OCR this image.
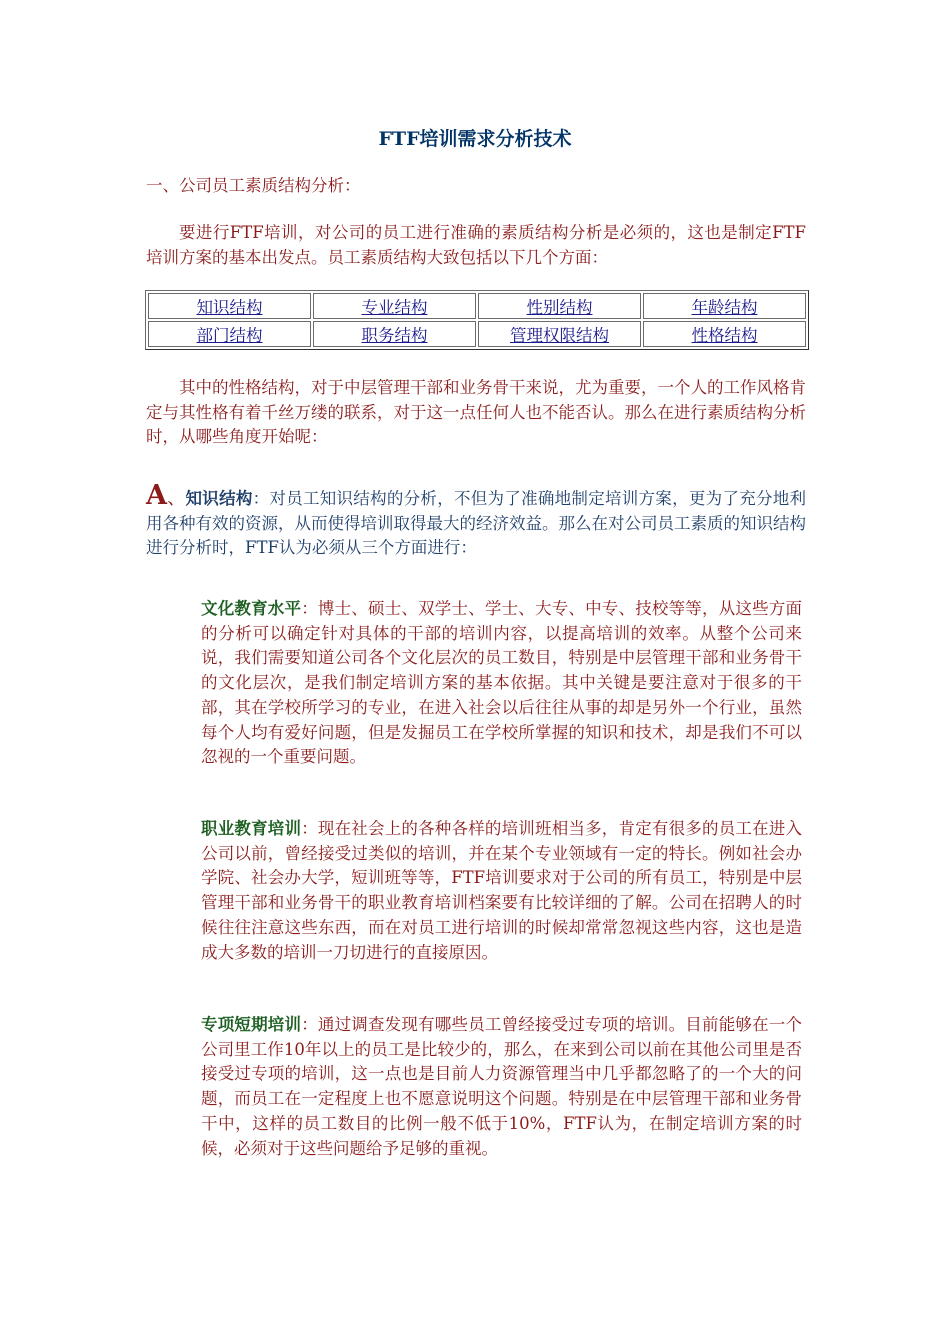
FTF培训需求分析技术
一、公司员工素质结构分析：

要进行FTF培训，对公司的员工进行准确的素质结构分析是必须的，这也是制定FTF培训方案的基本出发点。员工素质结构大致包括以下几个方面：

知识结构	专业结构	性别结构	年龄结构
部门结构	职务结构	管理权限结构	性格结构

其中的性格结构，对于中层管理干部和业务骨干来说，尤为重要，一个人的工作风格肯定与其性格有着千丝万缕的联系，对于这一点任何人也不能否认。那么在进行素质结构分析时，从哪些角度开始呢：

A、知识结构：对员工知识结构的分析，不但为了准确地制定培训方案，更为了充分地利用各种有效的资源，从而使得培训取得最大的经济效益。那么在对公司员工素质的知识结构进行分析时，FTF认为必须从三个方面进行：

文化教育水平：博士、硕士、双学士、学士、大专、中专、技校等等，从这些方面的分析可以确定针对具体的干部的培训内容，以提高培训的效率。从整个公司来说，我们需要知道公司各个文化层次的员工数目，特别是中层管理干部和业务骨干的文化层次，是我们制定培训方案的基本依据。其中关键是要注意对于很多的干部，其在学校所学习的专业，在进入社会以后往往从事的却是另外一个行业，虽然每个人均有爱好问题，但是发掘员工在学校所掌握的知识和技术，却是我们不可以忽视的一个重要问题。

职业教育培训：现在社会上的各种各样的培训班相当多，肯定有很多的员工在进入公司以前，曾经接受过类似的培训，并在某个专业领域有一定的特长。例如社会办学院、社会办大学，短训班等等，FTF培训要求对于公司的所有员工，特别是中层管理干部和业务骨干的职业教育培训档案要有比较详细的了解。公司在招聘人的时候往往注意这些东西，而在对员工进行培训的时候却常常忽视这些内容，这也是造成大多数的培训一刀切进行的直接原因。

专项短期培训：通过调查发现有哪些员工曾经接受过专项的培训。目前能够在一个公司里工作10年以上的员工是比较少的，那么，在来到公司以前在其他公司里是否接受过专项的培训，这一点也是目前人力资源管理当中几乎都忽略了的一个大的问题，而员工在一定程度上也不愿意说明这个问题。特别是在中层管理干部和业务骨干中，这样的员工数目的比例一般不低于10%，FTF认为，在制定培训方案的时候，必须对于这些问题给予足够的重视。
